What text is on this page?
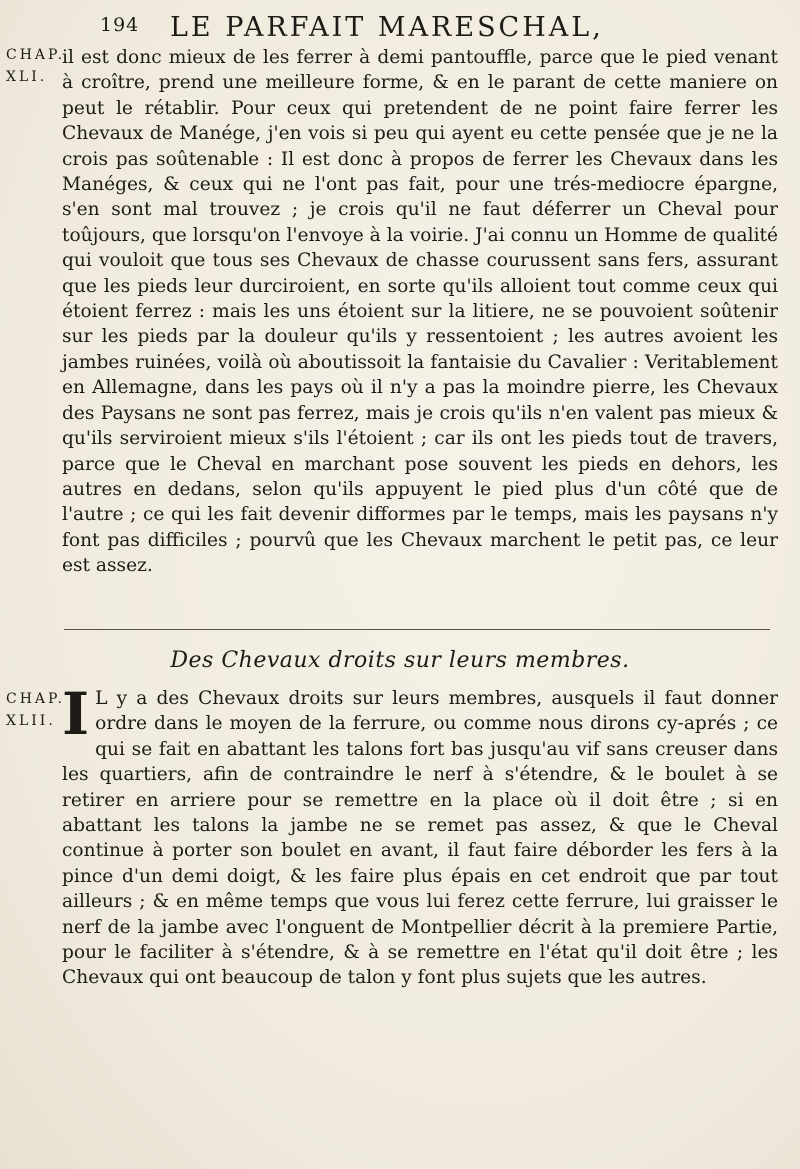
194 LE PARFAIT MARESCHAL,
CHAP.
XLI.
il est donc mieux de les ferrer à demi pantouffle, parce que le pied venant à croître, prend une meilleure forme, & en le parant de cette maniere on peut le rétablir. Pour ceux qui pretendent de ne point faire ferrer les Chevaux de Manége, j'en vois si peu qui ayent eu cette pensée que je ne la crois pas soûtenable : Il est donc à propos de ferrer les Chevaux dans les Manéges, & ceux qui ne l'ont pas fait, pour une trés-mediocre épargne, s'en sont mal trouvez ; je crois qu'il ne faut déferrer un Cheval pour toûjours, que lorsqu'on l'envoye à la voirie. J'ai connu un Homme de qualité qui vouloit que tous ses Chevaux de chasse courussent sans fers, assurant que les pieds leur durciroient, en sorte qu'ils alloient tout comme ceux qui étoient ferrez : mais les uns étoient sur la litiere, ne se pouvoient soûtenir sur les pieds par la douleur qu'ils y ressentoient ; les autres avoient les jambes ruinées, voilà où aboutissoit la fantaisie du Cavalier : Veritablement en Allemagne, dans les pays où il n'y a pas la moindre pierre, les Chevaux des Paysans ne sont pas ferrez, mais je crois qu'ils n'en valent pas mieux & qu'ils serviroient mieux s'ils l'étoient ; car ils ont les pieds tout de travers, parce que le Cheval en marchant pose souvent les pieds en dehors, les autres en dedans, selon qu'ils appuyent le pied plus d'un côté que de l'autre ; ce qui les fait devenir difformes par le temps, mais les paysans n'y font pas difficiles ; pourvû que les Chevaux marchent le petit pas, ce leur est assez.
Des Chevaux droits sur leurs membres.
CHAP.
XLII. I L y a des Chevaux droits sur leurs membres, ausquels il faut donner ordre dans le moyen de la ferrure, ou comme nous dirons cy-aprés ; ce qui se fait en abattant les talons fort bas jusqu'au vif sans creuser dans les quartiers, afin de contraindre le nerf à s'étendre, & le boulet à se retirer en arriere pour se remettre en la place où il doit être ; si en abattant les talons la jambe ne se remet pas assez, & que le Cheval continue à porter son boulet en avant, il faut faire déborder les fers à la pince d'un demi doigt, & les faire plus épais en cet endroit que par tout ailleurs ; & en même temps que vous lui ferez cette ferrure, lui graisser le nerf de la jambe avec l'onguent de Montpellier décrit à la premiere Partie, pour le faciliter à s'étendre, & à se remettre en l'état qu'il doit être ; les Chevaux qui ont beaucoup de talon y font plus sujets que les autres.
